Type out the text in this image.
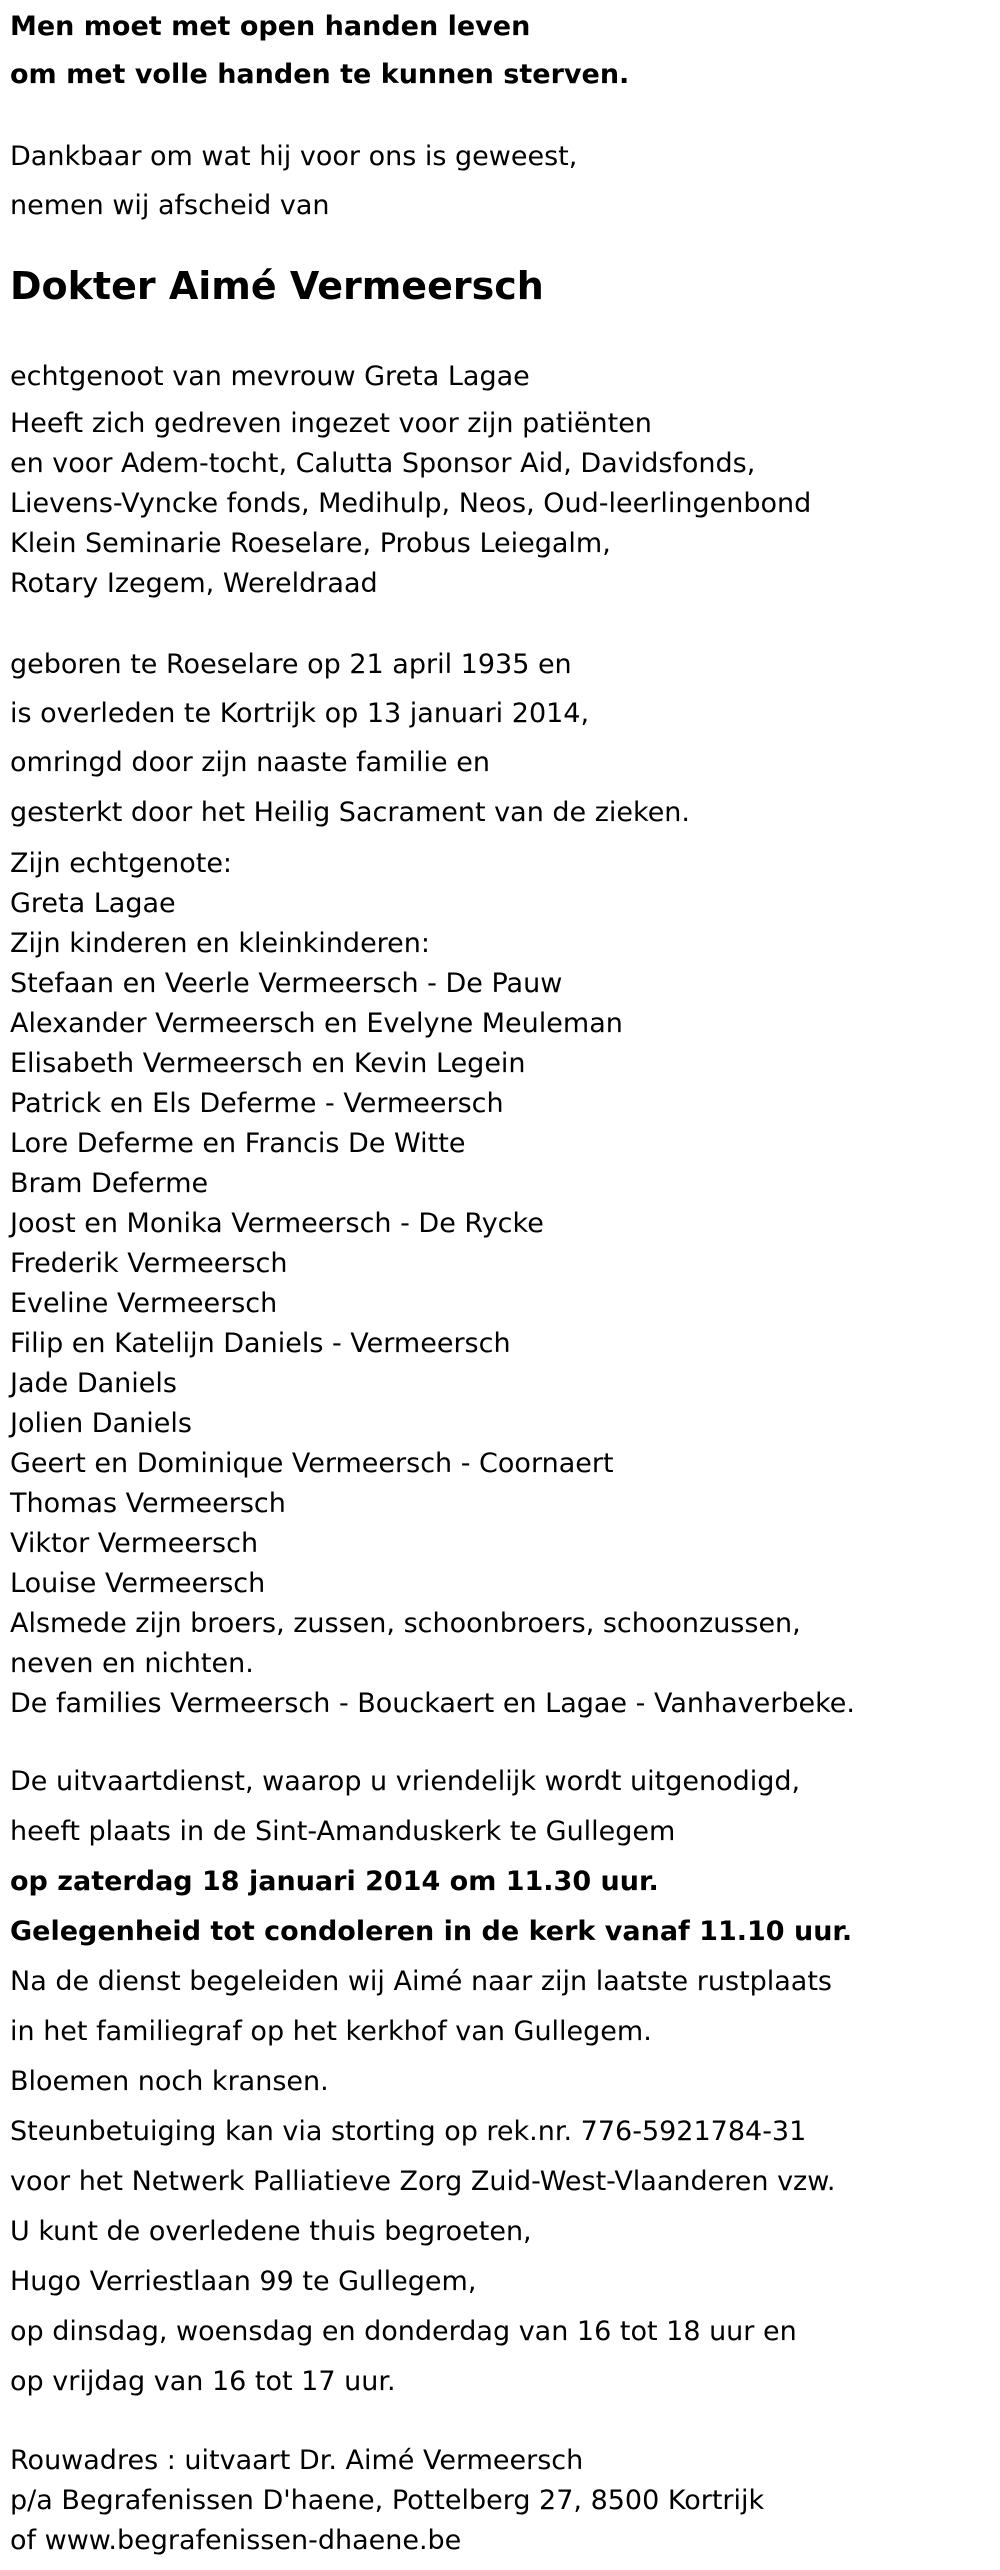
Men moet met open handen leven
om met volle handen te kunnen sterven.
Dankbaar om wat hij voor ons is geweest,
nemen wij afscheid van
Dokter Aimé Vermeersch
echtgenoot van mevrouw Greta Lagae
Heeft zich gedreven ingezet voor zijn patiënten
en voor Adem-tocht, Calutta Sponsor Aid, Davidsfonds,
Lievens-Vyncke fonds, Medihulp, Neos, Oud-leerlingenbond
Klein Seminarie Roeselare, Probus Leiegalm,
Rotary Izegem, Wereldraad
geboren te Roeselare op 21 april 1935 en
is overleden te Kortrijk op 13 januari 2014,
omringd door zijn naaste familie en
gesterkt door het Heilig Sacrament van de zieken.
Zijn echtgenote:
Greta Lagae
Zijn kinderen en kleinkinderen:
Stefaan en Veerle Vermeersch - De Pauw
Alexander Vermeersch en Evelyne Meuleman
Elisabeth Vermeersch en Kevin Legein
Patrick en Els Deferme - Vermeersch
Lore Deferme en Francis De Witte
Bram Deferme
Joost en Monika Vermeersch - De Rycke
Frederik Vermeersch
Eveline Vermeersch
Filip en Katelijn Daniels - Vermeersch
Jade Daniels
Jolien Daniels
Geert en Dominique Vermeersch - Coornaert
Thomas Vermeersch
Viktor Vermeersch
Louise Vermeersch
Alsmede zijn broers, zussen, schoonbroers, schoonzussen,
neven en nichten.
De families Vermeersch - Bouckaert en Lagae - Vanhaverbeke.
De uitvaartdienst, waarop u vriendelijk wordt uitgenodigd,
heeft plaats in de Sint-Amanduskerk te Gullegem
op zaterdag 18 januari 2014 om 11.30 uur.
Gelegenheid tot condoleren in de kerk vanaf 11.10 uur.
Na de dienst begeleiden wij Aimé naar zijn laatste rustplaats
in het familiegraf op het kerkhof van Gullegem.
Bloemen noch kransen.
Steunbetuiging kan via storting op rek.nr. 776-5921784-31
voor het Netwerk Palliatieve Zorg Zuid-West-Vlaanderen vzw.
U kunt de overledene thuis begroeten,
Hugo Verriestlaan 99 te Gullegem,
op dinsdag, woensdag en donderdag van 16 tot 18 uur en
op vrijdag van 16 tot 17 uur.
Rouwadres : uitvaart Dr. Aimé Vermeersch
p/a Begrafenissen D'haene, Pottelberg 27, 8500 Kortrijk
of www.begrafenissen-dhaene.be
